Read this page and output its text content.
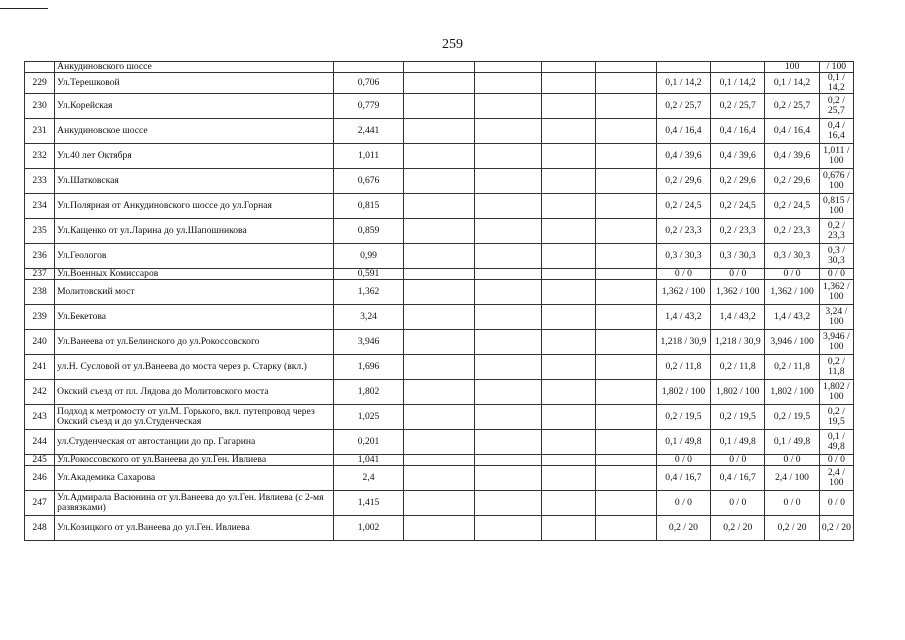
259
	Анкудиновского шоссе								100	/ 100
229	Ул.Терешковой	0,706					0,1 / 14,2	0,1 / 14,2	0,1 / 14,2	0,1 / 14,2
230	Ул.Корейская	0,779					0,2 / 25,7	0,2 / 25,7	0,2 / 25,7	0,2 / 25,7
231	Анкудиновское шоссе	2,441					0,4 / 16,4	0,4 / 16,4	0,4 / 16,4	0,4 / 16,4
232	Ул.40 лет Октября	1,011					0,4 / 39,6	0,4 / 39,6	0,4 / 39,6	1,011 / 100
233	Ул.Шатковская	0,676					0,2 / 29,6	0,2 / 29,6	0,2 / 29,6	0,676 / 100
234	Ул.Полярная от Анкудиновского шоссе до ул.Горная	0,815					0,2 / 24,5	0,2 / 24,5	0,2 / 24,5	0,815 / 100
235	Ул.Кащенко от ул.Ларина до ул.Шапошникова	0,859					0,2 / 23,3	0,2 / 23,3	0,2 / 23,3	0,2 / 23,3
236	Ул.Геологов	0,99					0,3 / 30,3	0,3 / 30,3	0,3 / 30,3	0,3 / 30,3
237	Ул.Военных Комиссаров	0,591					0 / 0	0 / 0	0 / 0	0 / 0
238	Молитовский мост	1,362					1,362 / 100	1,362 / 100	1,362 / 100	1,362 / 100
239	Ул.Бекетова	3,24					1,4 / 43,2	1,4 / 43,2	1,4 / 43,2	3,24 / 100
240	Ул.Ванеева от ул.Белинского до ул.Рокоссовского	3,946					1,218 / 30,9	1,218 / 30,9	3,946 / 100	3,946 / 100
241	ул.Н. Сусловой от ул.Ванеева до моста через р. Старку (вкл.)	1,696					0,2 / 11,8	0,2 / 11,8	0,2 / 11,8	0,2 / 11,8
242	Окский съезд от пл. Лядова до Молитовского моста	1,802					1,802 / 100	1,802 / 100	1,802 / 100	1,802 / 100
243	Подход к метромосту от ул.М. Горького, вкл. путепровод через Окский съезд и до ул.Студенческая	1,025					0,2 / 19,5	0,2 / 19,5	0,2 / 19,5	0,2 / 19,5
244	ул.Студенческая от автостанции до пр. Гагарина	0,201					0,1 / 49,8	0,1 / 49,8	0,1 / 49,8	0,1 / 49,8
245	Ул.Рокоссовского от ул.Ванеева до ул.Ген. Ивлиева	1,041					0 / 0	0 / 0	0 / 0	0 / 0
246	Ул.Академика Сахарова	2,4					0,4 / 16,7	0,4 / 16,7	2,4 / 100	2,4 / 100
247	Ул.Адмирала Васюнина от ул.Ванеева до ул.Ген. Ивлиева (с 2-мя развязками)	1,415					0 / 0	0 / 0	0 / 0	0 / 0
248	Ул.Козицкого от ул.Ванеева до ул.Ген. Ивлиева	1,002					0,2 / 20	0,2 / 20	0,2 / 20	0,2 / 20
